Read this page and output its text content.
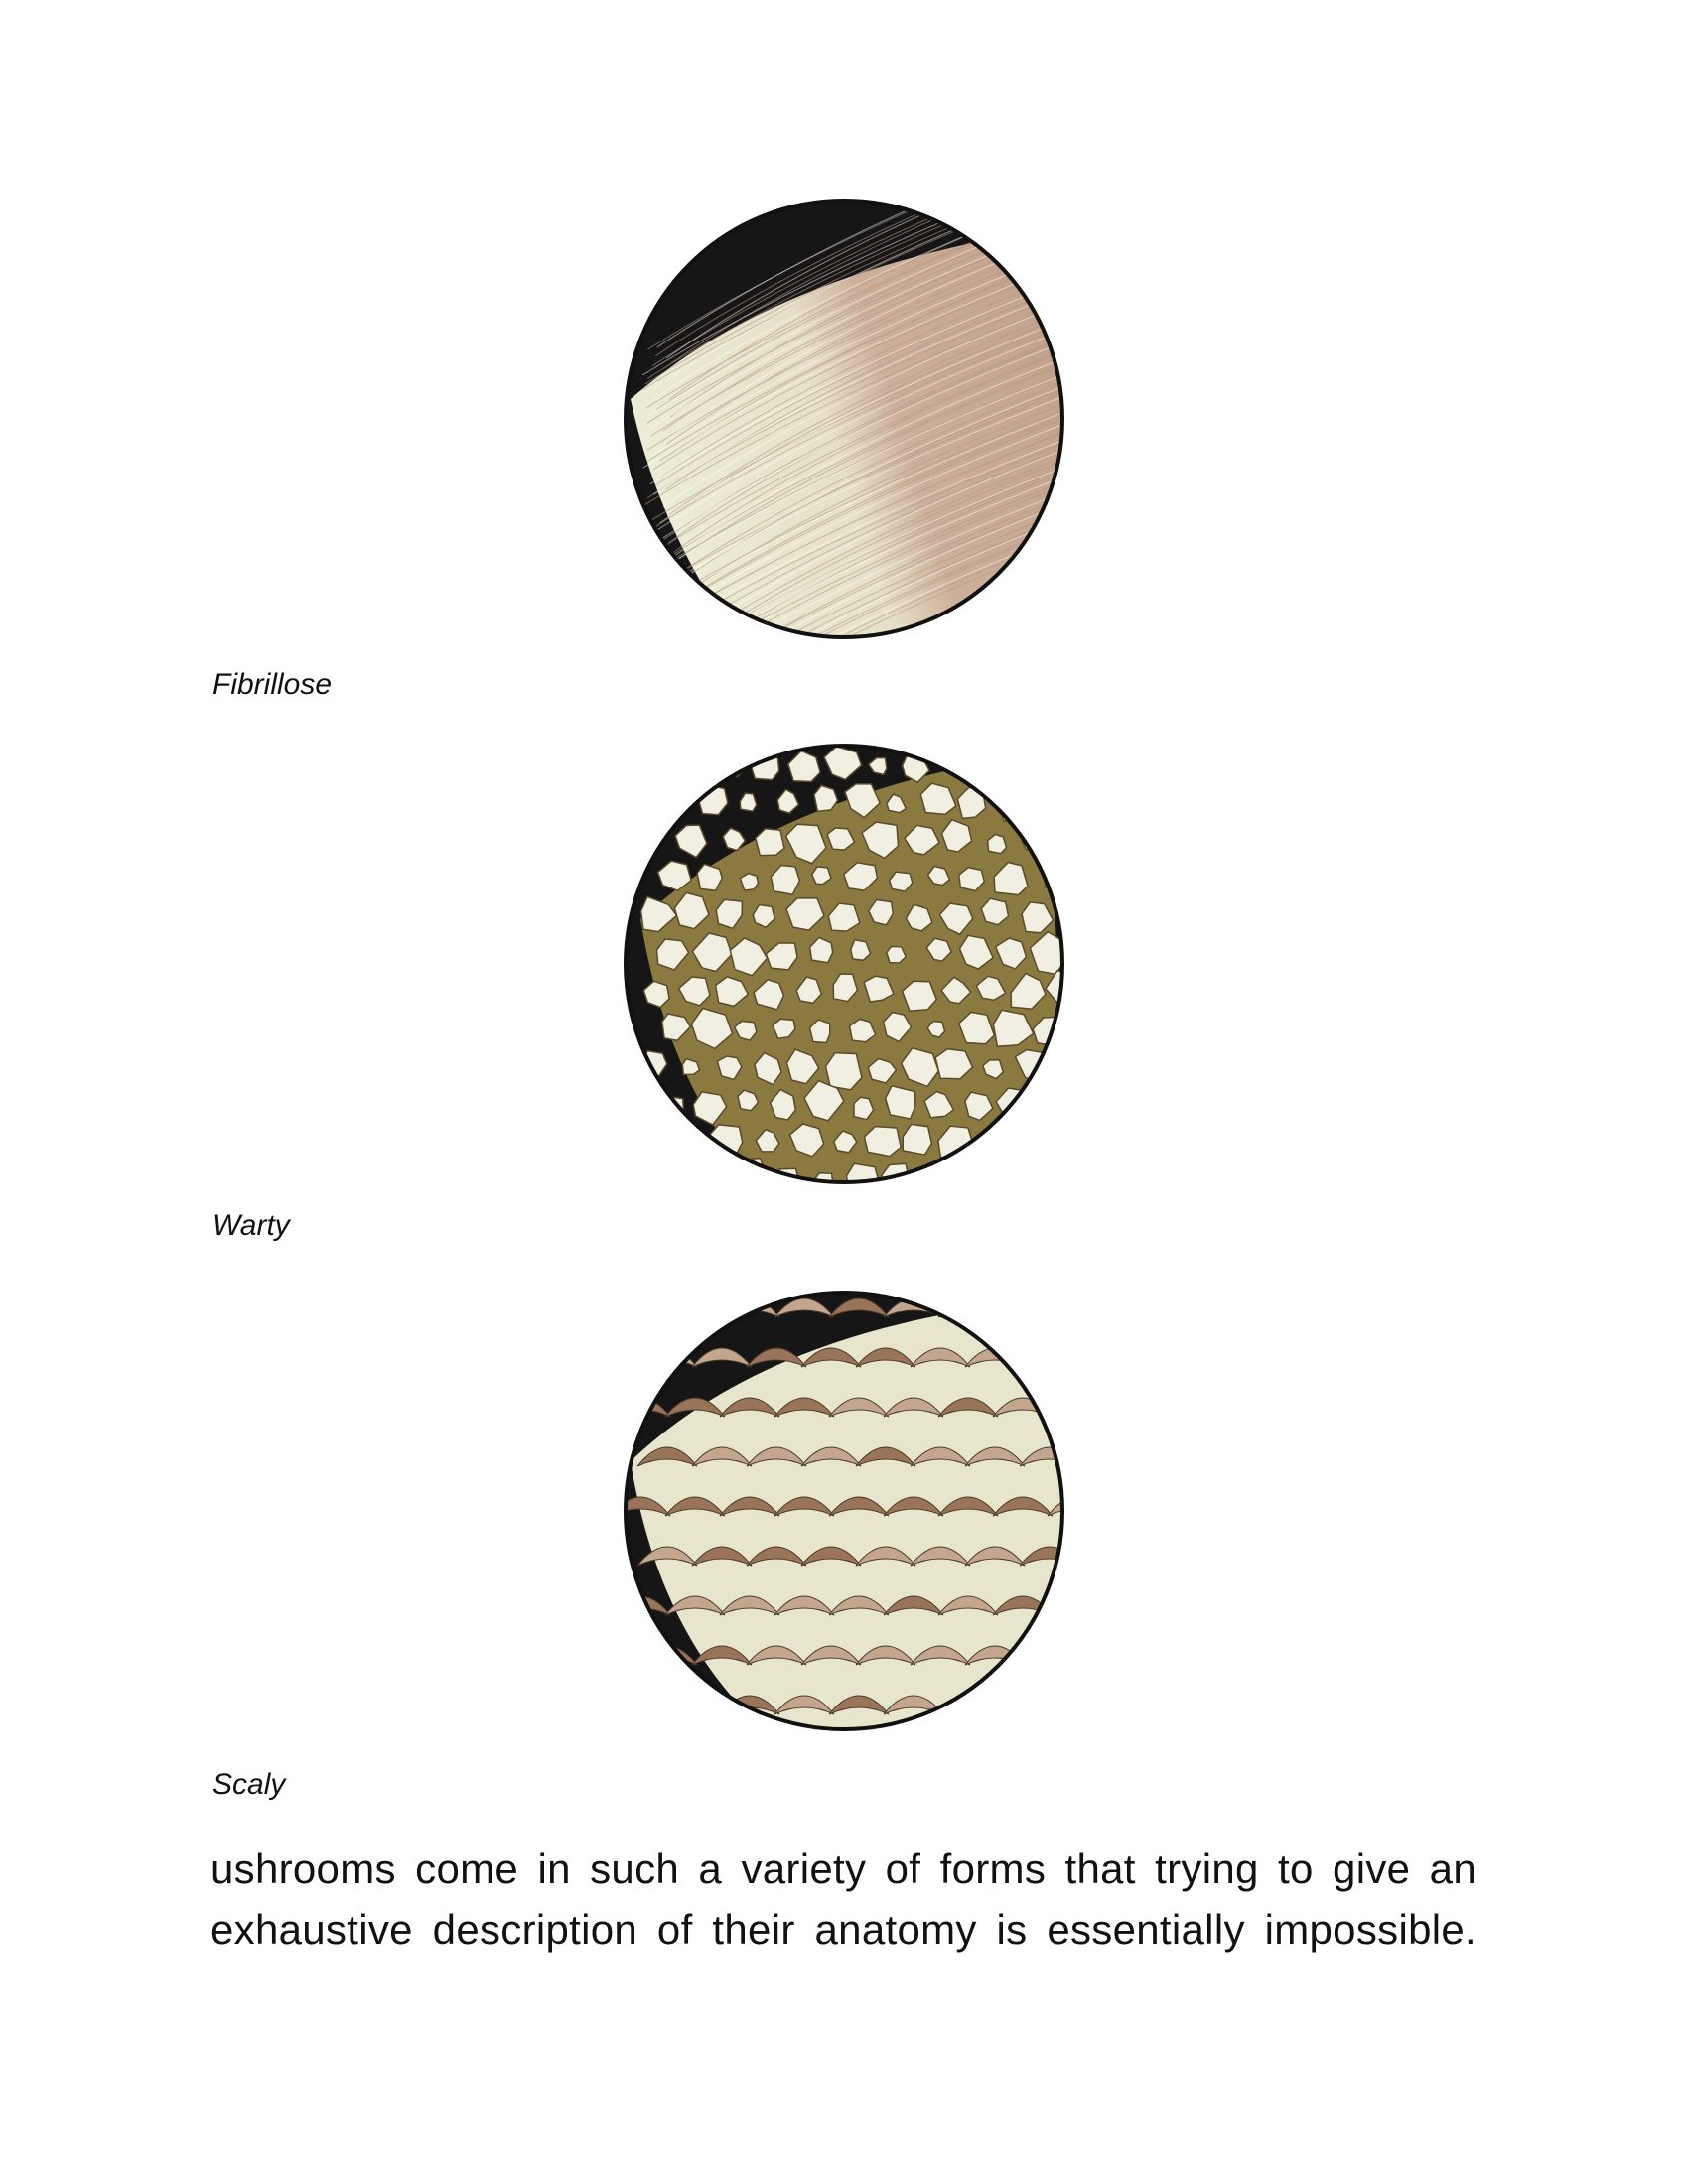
Fibrillose
Warty
Scaly
ushrooms come in such a variety of forms that trying to give an
exhaustive description of their anatomy is essentially impossible.
